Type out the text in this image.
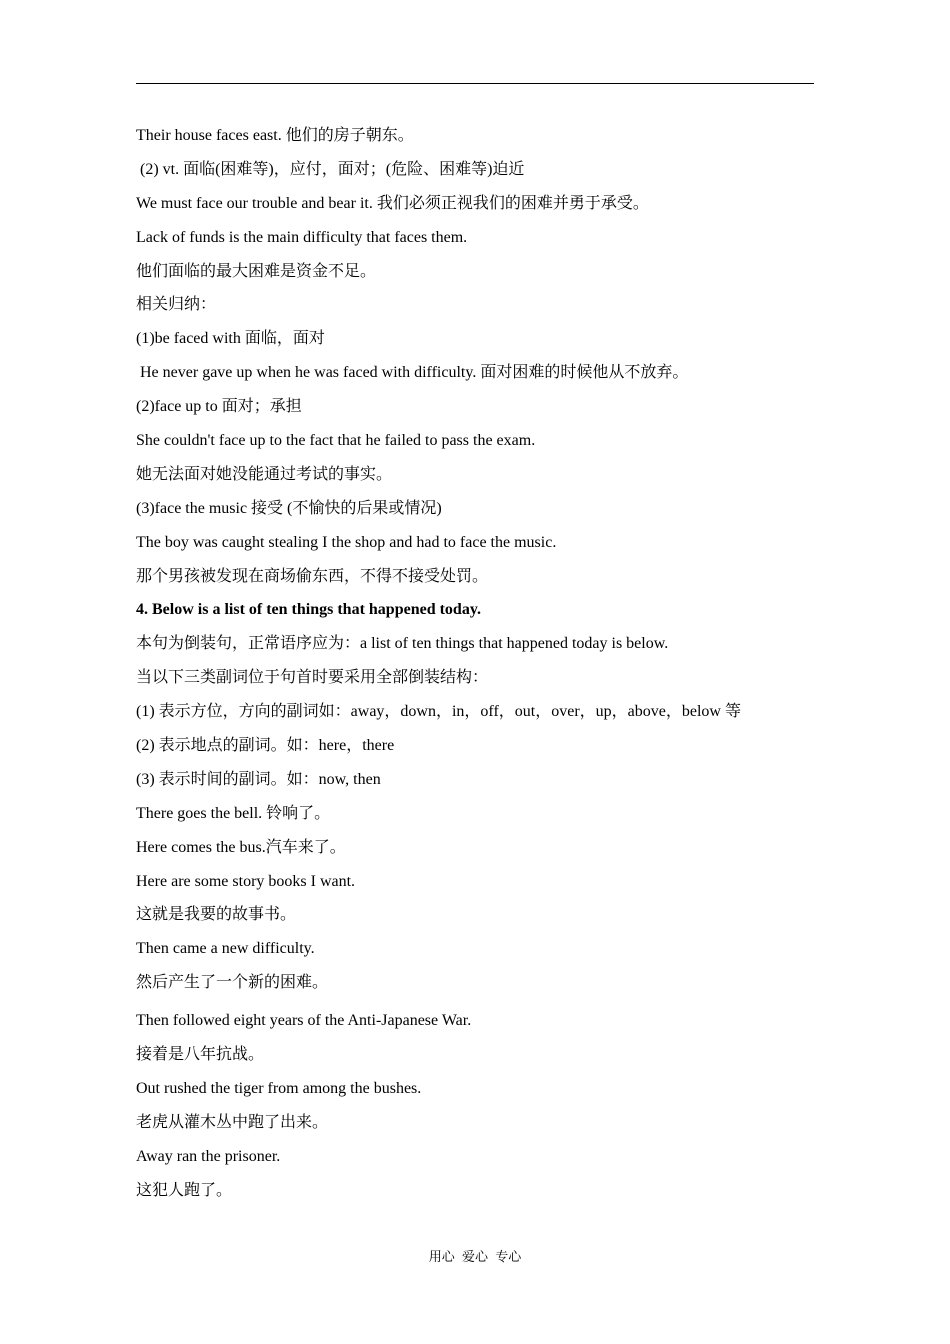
Their house faces east. 他们的房子朝东。
(2) vt. 面临(困难等)，应付，面对；(危险、困难等)迫近
We must face our trouble and bear it. 我们必须正视我们的困难并勇于承受。
Lack of funds is the main difficulty that faces them.
他们面临的最大困难是资金不足。
相关归纳：
(1)be faced with 面临，面对
He never gave up when he was faced with difficulty. 面对困难的时候他从不放弃。
(2)face up to 面对；承担
She couldn't face up to the fact that he failed to pass the exam.
她无法面对她没能通过考试的事实。
(3)face the music 接受 (不愉快的后果或情况)
The boy was caught stealing I the shop and had to face the music.
那个男孩被发现在商场偷东西，不得不接受处罚。
4. Below is a list of ten things that happened today.
本句为倒装句，正常语序应为：a list of ten things that happened today is below.
当以下三类副词位于句首时要采用全部倒装结构：
(1) 表示方位，方向的副词如：away，down，in，off，out，over，up，above，below 等
(2) 表示地点的副词。如：here，there
(3) 表示时间的副词。如：now, then
There goes the bell. 铃响了。
Here comes the bus.汽车来了。
Here are some story books I want.
这就是我要的故事书。
Then came a new difficulty.
然后产生了一个新的困难。
Then followed eight years of the Anti-Japanese War.
接着是八年抗战。
Out rushed the tiger from among the bushes.
老虎从灌木丛中跑了出来。
Away ran the prisoner.
这犯人跑了。
用心 爱心 专心
